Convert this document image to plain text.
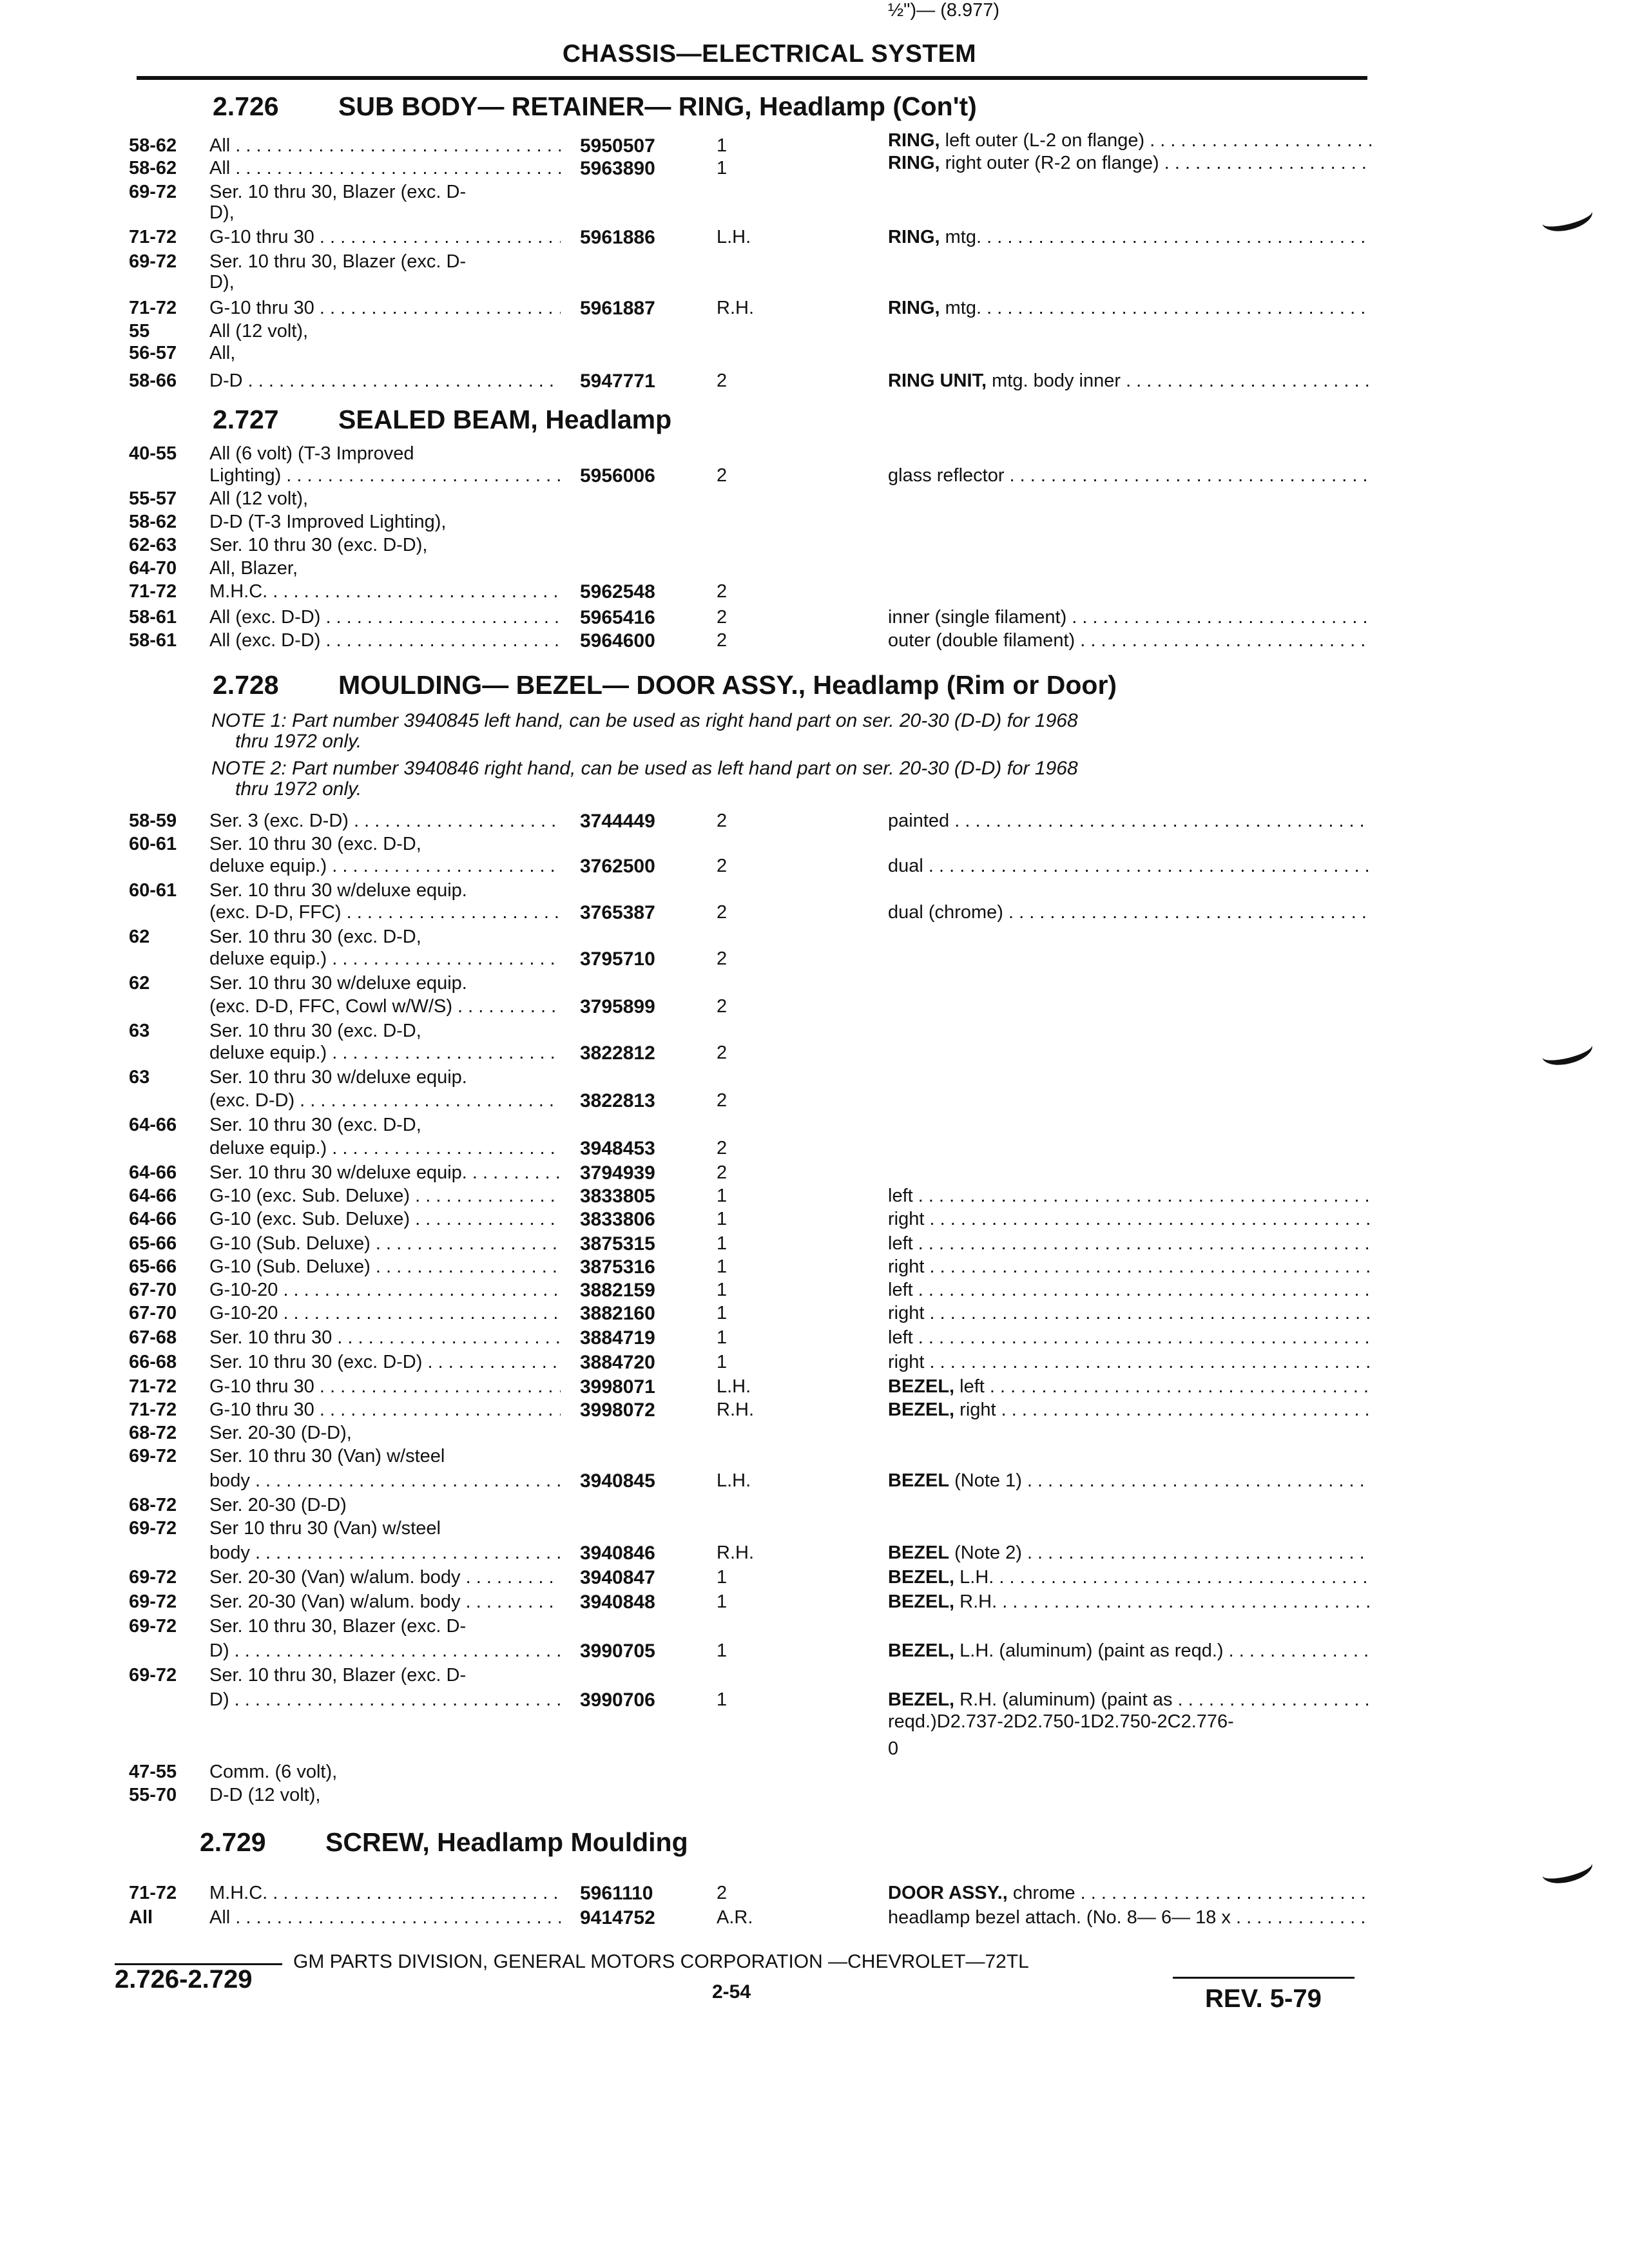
CHASSIS—ELECTRICAL SYSTEM
2.726 SUB BODY— RETAINER— RING, Headlamp (Con't)
2.727 SEALED BEAM, Headlamp
2.728 MOULDING— BEZEL— DOOR ASSY., Headlamp (Rim or Door)
2.729 SCREW, Headlamp Moulding
NOTE 1: Part number 3940845 left hand, can be used as right hand part on ser. 20-30 (D-D) for 1968
thru 1972 only.
NOTE 2: Part number 3940846 right hand, can be used as left hand part on ser. 20-30 (D-D) for 1968
thru 1972 only.
58-62 All . . .	5950507	1	RING, left outer (L-2 on flange) . . .
58-62 All . . .	5963890	1	RING, right outer (R-2 on flange) . . .
69-72 Ser. 10 thru 30, Blazer (exc. D-
D),
71-72 G-10 thru 30 . . .	5961886	L.H.	RING, mtg. . . .
69-72 Ser. 10 thru 30, Blazer (exc. D-
D),
71-72 G-10 thru 30 . . .	5961887	R.H.	RING, mtg. . . .
55	All (12 volt),
56-57 All,
58-66 D-D . . .	5947771	2	RING UNIT, mtg. body inner . . .
40-55 All (6 volt) (T-3 Improved
Lighting) . . .	5956006	2	glass reflector . . .
55-57 All (12 volt),
58-62 D-D (T-3 Improved Lighting),
62-63 Ser. 10 thru 30 (exc. D-D),
64-70 All, Blazer,
71-72 M.H.C. . . .	5962548	2
58-61 All (exc. D-D) . . .	5965416	2	inner (single filament) . . .
58-61 All (exc. D-D) . . .	5964600	2	outer (double filament) . . .
58-59 Ser. 3 (exc. D-D) . . .	3744449	2	painted . . .
60-61 Ser. 10 thru 30 (exc. D-D,
deluxe equip.) . . .	3762500	2	dual . . .
60-61 Ser. 10 thru 30 w/deluxe equip.
(exc. D-D, FFC) . . .	3765387	2	dual (chrome) . . .
62	Ser. 10 thru 30 (exc. D-D,
deluxe equip.) . . .	3795710	2
62	Ser. 10 thru 30 w/deluxe equip.
(exc. D-D, FFC, Cowl w/W/S) . . .	3795899	2
63	Ser. 10 thru 30 (exc. D-D,
deluxe equip.) . . .	3822812	2
63	Ser. 10 thru 30 w/deluxe equip.
(exc. D-D) . . .	3822813	2
64-66 Ser. 10 thru 30 (exc. D-D,
deluxe equip.) . . .	3948453	2
64-66 Ser. 10 thru 30 w/deluxe equip. . . .	3794939	2
64-66 G-10 (exc. Sub. Deluxe) . . .	3833805	1	left . . .
64-66 G-10 (exc. Sub. Deluxe) . . .	3833806	1	right . . .
65-66 G-10 (Sub. Deluxe) . . .	3875315	1	left . . .
65-66 G-10 (Sub. Deluxe) . . .	3875316	1	right . . .
67-70 G-10-20 . . .	3882159	1	left . . .
67-70 G-10-20 . . .	3882160	1	right . . .
67-68 Ser. 10 thru 30 . . .	3884719	1	left . . .
66-68 Ser. 10 thru 30 (exc. D-D) . . .	3884720	1	right . . .
71-72 G-10 thru 30 . . .	3998071	L.H.	BEZEL, left . . .
71-72 G-10 thru 30 . . .	3998072	R.H.	BEZEL, right . . .
68-72 Ser. 20-30 (D-D),
69-72 Ser. 10 thru 30 (Van) w/steel
body . . .	3940845	L.H.	BEZEL (Note 1) . . .
68-72 Ser. 20-30 (D-D)
69-72 Ser 10 thru 30 (Van) w/steel
body . . .	3940846	R.H.	BEZEL (Note 2) . . .
69-72 Ser. 20-30 (Van) w/alum. body . . .	3940847	1	BEZEL, L.H. . . .
69-72 Ser. 20-30 (Van) w/alum. body . . .	3940848	1	BEZEL, R.H. . . .
69-72 Ser. 10 thru 30, Blazer (exc. D-
D) . . .	3990705	1	BEZEL, L.H. (aluminum) (paint as reqd.) . . .
69-72 Ser. 10 thru 30, Blazer (exc. D-
D) . . .	3990706	1	BEZEL, R.H. (aluminum) (paint as . . .
reqd.)D2.737-2D2.750-1D2.750-2C2.776-
0
47-55 Comm. (6 volt),
55-70 D-D (12 volt),
71-72 M.H.C. . . .	5961110	2	DOOR ASSY., chrome . . .
All	All . . .	9414752	A.R.	headlamp bezel attach. (No. 8— 6— 18 x . . .
½")— (8.977)
2.726-2.729
GM PARTS DIVISION, GENERAL MOTORS CORPORATION —CHEVROLET—72TL
2-54	REV. 5-79
